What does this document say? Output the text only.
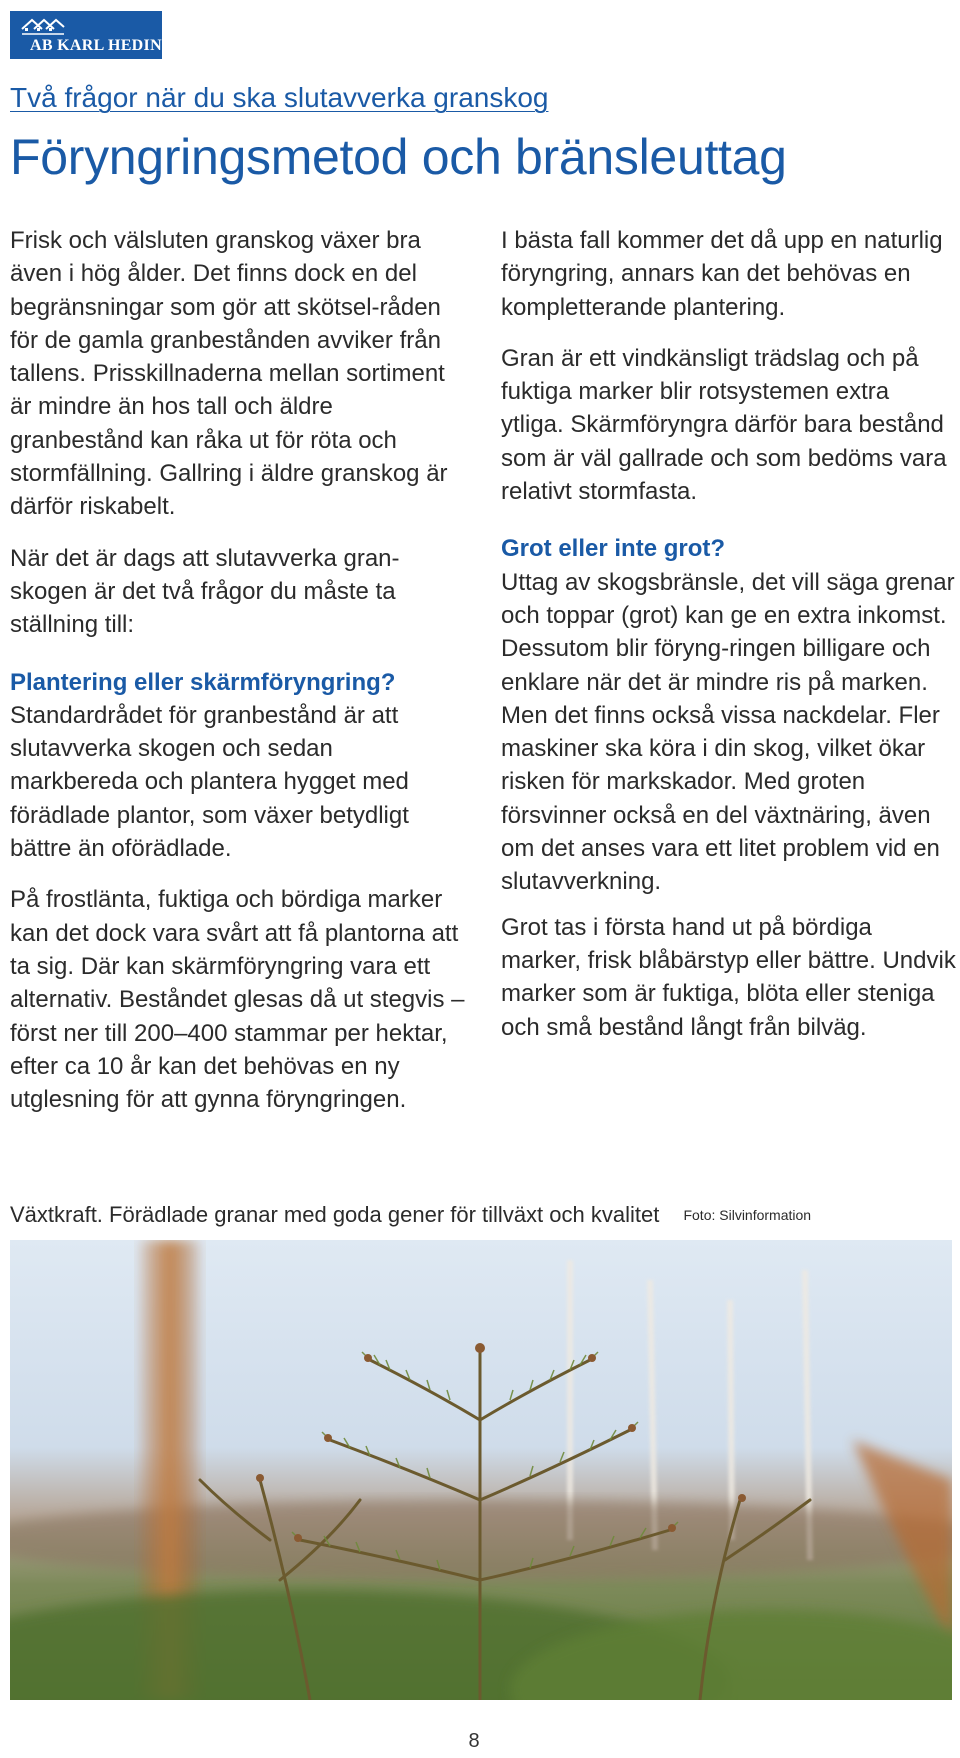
AB KARL HEDIN
Två frågor när du ska slutavverka granskog
Föryngringsmetod och bränsleuttag

Frisk och välsluten granskog växer bra även i hög ålder. Det finns dock en del begränsningar som gör att skötsel-råden för de gamla granbestånden avviker från tallens. Prisskillnaderna mellan sortiment är mindre än hos tall och äldre granbestånd kan råka ut för röta och stormfällning. Gallring i äldre granskog är därför riskabelt.

När det är dags att slutavverka gran-skogen är det två frågor du måste ta ställning till:

Plantering eller skärmföryngring?

Standardrådet för granbestånd är att slutavverka skogen och sedan markbereda och plantera hygget med förädlade plantor, som växer betydligt bättre än oförädlade.

På frostlänta, fuktiga och bördiga marker kan det dock vara svårt att få plantorna att ta sig. Där kan skärmföryngring vara ett alternativ. Beståndet glesas då ut stegvis – först ner till 200–400 stammar per hektar, efter ca 10 år kan det behövas en ny utglesning för att gynna föryngringen.

I bästa fall kommer det då upp en naturlig föryngring, annars kan det behövas en kompletterande plantering.

Gran är ett vindkänsligt trädslag och på fuktiga marker blir rotsystemen extra ytliga. Skärmföryngra därför bara bestånd som är väl gallrade och som bedöms vara relativt stormfasta.

Grot eller inte grot?

Uttag av skogsbränsle, det vill säga grenar och toppar (grot) kan ge en extra inkomst. Dessutom blir föryng-ringen billigare och enklare när det är mindre ris på marken. Men det finns också vissa nackdelar. Fler maskiner ska köra i din skog, vilket ökar risken för markskador. Med groten försvinner också en del växtnäring, även om det anses vara ett litet problem vid en slutavverkning.

Grot tas i första hand ut på bördiga marker, frisk blåbärstyp eller bättre. Undvik marker som är fuktiga, blöta eller steniga och små bestånd långt från bilväg.

Växtkraft. Förädlade granar med goda gener för tillväxt och kvalitet Foto: Silvinformation
8
